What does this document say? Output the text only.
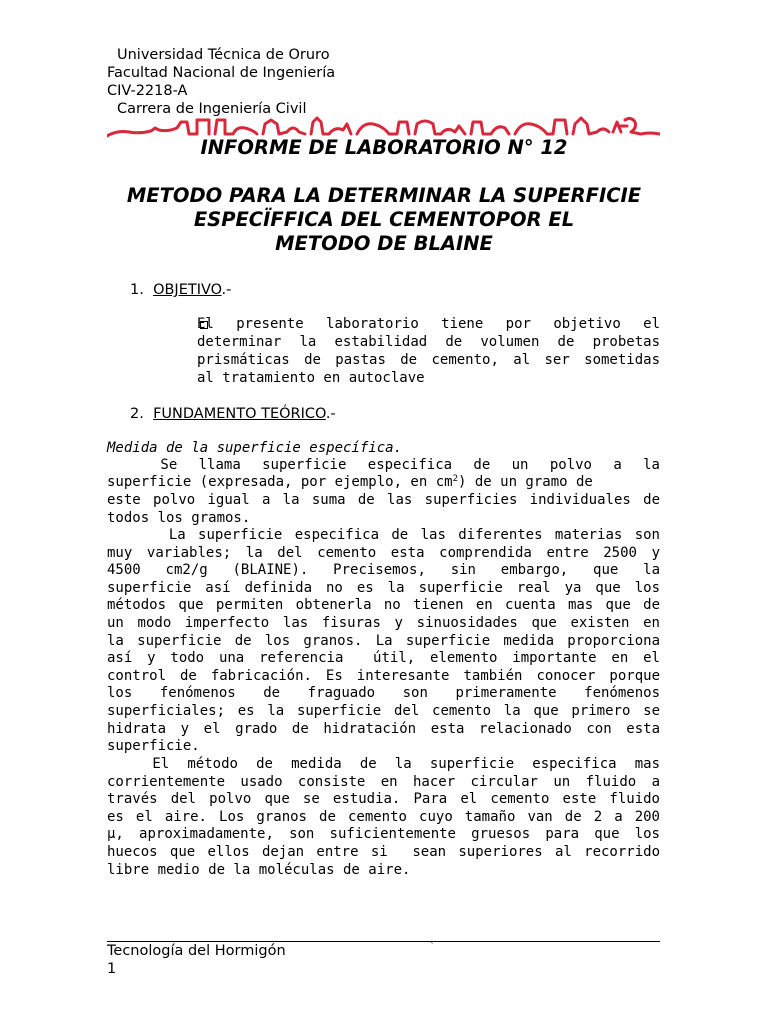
Universidad Técnica de Oruro
Facultad Nacional de Ingeniería
CIV-2218-A
Carrera de Ingeniería Civil
INFORME DE LABORATORIO N° 12
METODO PARA LA DETERMINAR LA SUPERFICIE
ESPECÏFFICA DEL CEMENTOPOR EL
METODO DE BLAINE
1. OBJETIVO.-
El presente laboratorio tiene por objetivo el
determinar la estabilidad de volumen de probetas
prismáticas de pastas de cemento, al ser sometidas
al tratamiento en autoclave
2. FUNDAMENTO TEÓRICO.-
Medida de la superficie específica.
Se  llama  superficie  especifica  de  un  polvo  a  la
superficie (expresada, por ejemplo, en $cm^2$) de un gramo de
este polvo igual a la suma de las superficies individuales de
todos los gramos.
La superficie especifica de las diferentes materias son
muy variables; la del cemento esta comprendida entre 2500 y
4500  cm2/g  (BLAINE).  Precisemos,  sin  embargo,  que  la
superficie así definida no es la superficie real ya que los
métodos que permiten obtenerla no tienen en cuenta mas que de
un modo imperfecto las fisuras y sinuosidades que existen en
la superficie de los granos. La superficie medida proporciona
así y todo una referencia  útil, elemento importante en el
control de fabricación. Es interesante también conocer porque
los   fenómenos   de   fraguado   son   primeramente   fenómenos
superficiales; es la superficie del cemento la que primero se
hidrata y el grado de hidratación esta relacionado con esta
superficie.
El  método  de  medida  de  la  superficie  especifica  mas
corrientemente usado consiste en hacer circular un fluido a
través del polvo que se estudia. Para el cemento este fluido
es el aire. Los granos de cemento cuyo tamaño van de 2 a 200
µ, aproximadamente, son suficientemente gruesos para que los
huecos que ellos dejan entre si  sean superiores al recorrido
libre medio de la moléculas de aire.
`
Tecnología del Hormigón
1
